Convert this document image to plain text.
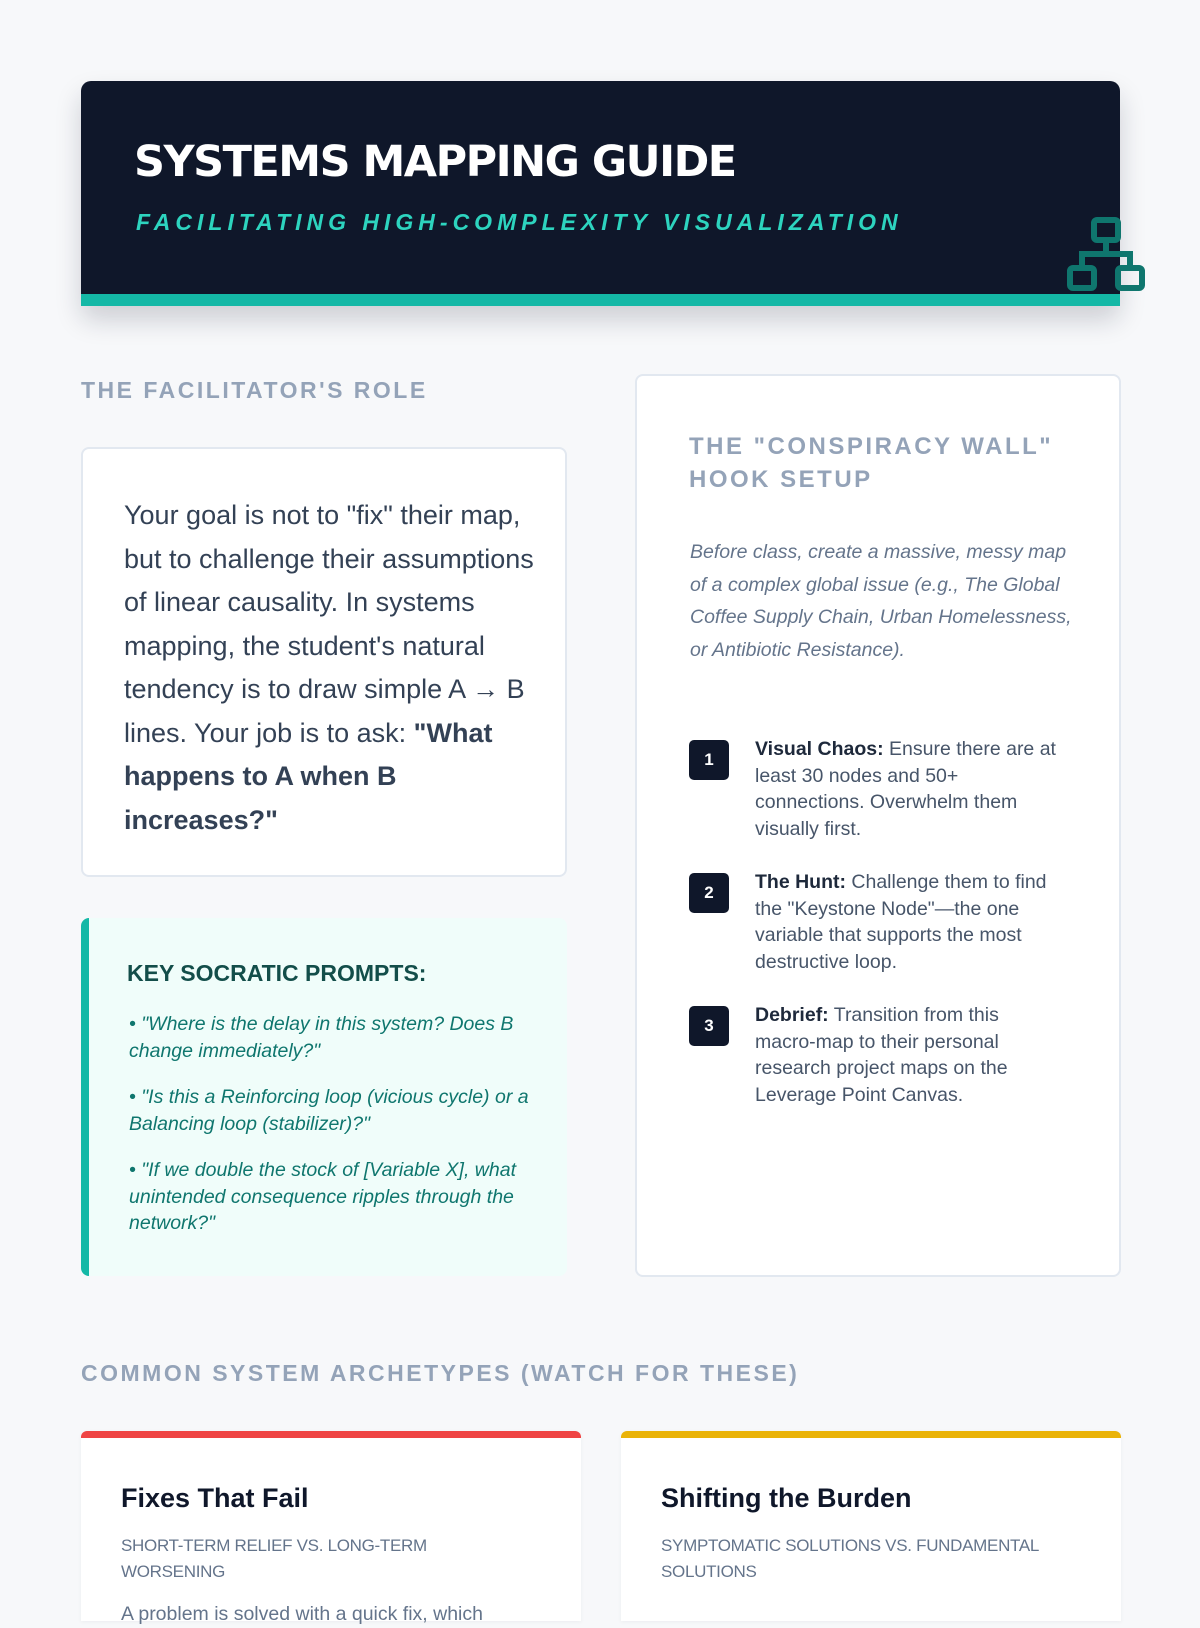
SYSTEMS MAPPING GUIDE
FACILITATING HIGH-COMPLEXITY VISUALIZATION
THE FACILITATOR'S ROLE

Your goal is not to "fix" their map, but to challenge their assumptions of linear causality. In systems mapping, the student's natural tendency is to draw simple A → B lines. Your job is to ask: "What happens to A when B increases?"

KEY SOCRATIC PROMPTS:
• "Where is the delay in this system? Does B change immediately?"
• "Is this a Reinforcing loop (vicious cycle) or a Balancing loop (stabilizer)?"
• "If we double the stock of [Variable X], what unintended consequence ripples through the network?"
THE "CONSPIRACY WALL" HOOK SETUP

Before class, create a massive, messy map of a complex global issue (e.g., The Global Coffee Supply Chain, Urban Homelessness, or Antibiotic Resistance).

1	Visual Chaos: Ensure there are at least 30 nodes and 50+ connections. Overwhelm them visually first.

2	The Hunt: Challenge them to find the "Keystone Node"—the one variable that supports the most destructive loop.

3	Debrief: Transition from this macro-map to their personal research project maps on the Leverage Point Canvas.

COMMON SYSTEM ARCHETYPES (WATCH FOR THESE)
Fixes That Fail
SHORT-TERM RELIEF VS. LONG-TERM WORSENING

A problem is solved with a quick fix, which

Shifting the Burden
SYMPTOMATIC SOLUTIONS VS. FUNDAMENTAL SOLUTIONS
